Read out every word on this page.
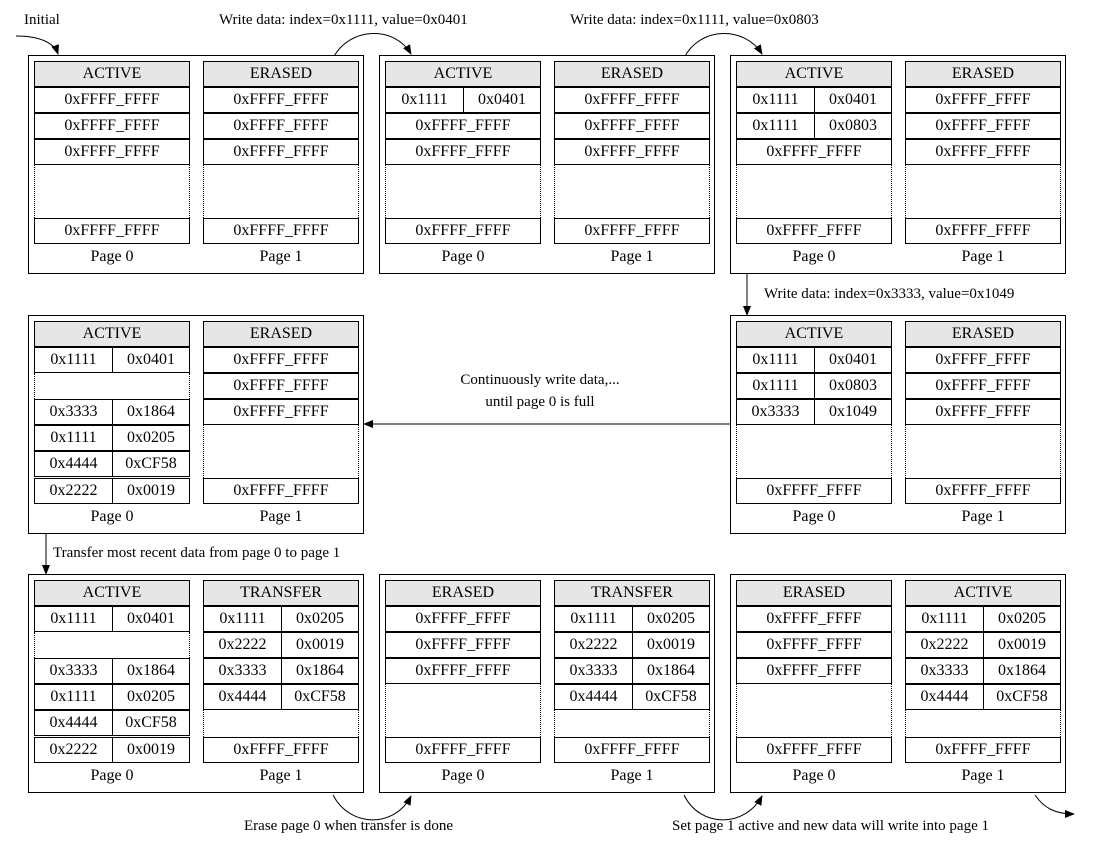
Initial	Write data: index=0x1111, value=0x0401	Write data: index=0x1111, value=0x0803
Write data: index=0x3333, value=0x1049
Continuously write data,...
until page 0 is full
Transfer most recent data from page 0 to page 1
Erase page 0 when transfer is done	Set page 1 active and new data will write into page 1
ACTIVE
0xFFFF_FFFF
0xFFFF_FFFF
0xFFFF_FFFF
0xFFFF_FFFF
Page 0
ERASED
0xFFFF_FFFF
0xFFFF_FFFF
0xFFFF_FFFF
0xFFFF_FFFF
Page 1
ACTIVE
0x1111	0x0401
0xFFFF_FFFF
0xFFFF_FFFF
0xFFFF_FFFF
Page 0
ERASED
0xFFFF_FFFF
0xFFFF_FFFF
0xFFFF_FFFF
0xFFFF_FFFF
Page 1
ACTIVE
0x1111	0x0401
0x1111	0x0803
0xFFFF_FFFF
0xFFFF_FFFF
Page 0
ERASED
0xFFFF_FFFF
0xFFFF_FFFF
0xFFFF_FFFF
0xFFFF_FFFF
Page 1
ACTIVE
0x1111	0x0401
0x1111	0x0803
0x3333	0x1049
0xFFFF_FFFF
Page 0
ERASED
0xFFFF_FFFF
0xFFFF_FFFF
0xFFFF_FFFF
0xFFFF_FFFF
Page 1
ACTIVE
0x1111	0x0401
0x3333	0x1864
0x1111	0x0205
0x4444	0xCF58
0x2222	0x0019
Page 0
ERASED
0xFFFF_FFFF
0xFFFF_FFFF
0xFFFF_FFFF
0xFFFF_FFFF
Page 1
ACTIVE
0x1111	0x0401
0x3333	0x1864
0x1111	0x0205
0x4444	0xCF58
0x2222	0x0019
Page 0
TRANSFER
0x1111	0x0205
0x2222	0x0019
0x3333	0x1864
0x4444	0xCF58
0xFFFF_FFFF
Page 1
ERASED
0xFFFF_FFFF
0xFFFF_FFFF
0xFFFF_FFFF
0xFFFF_FFFF
Page 0
TRANSFER
0x1111	0x0205
0x2222	0x0019
0x3333	0x1864
0x4444	0xCF58
0xFFFF_FFFF
Page 1
ERASED
0xFFFF_FFFF
0xFFFF_FFFF
0xFFFF_FFFF
0xFFFF_FFFF
Page 0
ACTIVE
0x1111	0x0205
0x2222	0x0019
0x3333	0x1864
0x4444	0xCF58
0xFFFF_FFFF
Page 1
